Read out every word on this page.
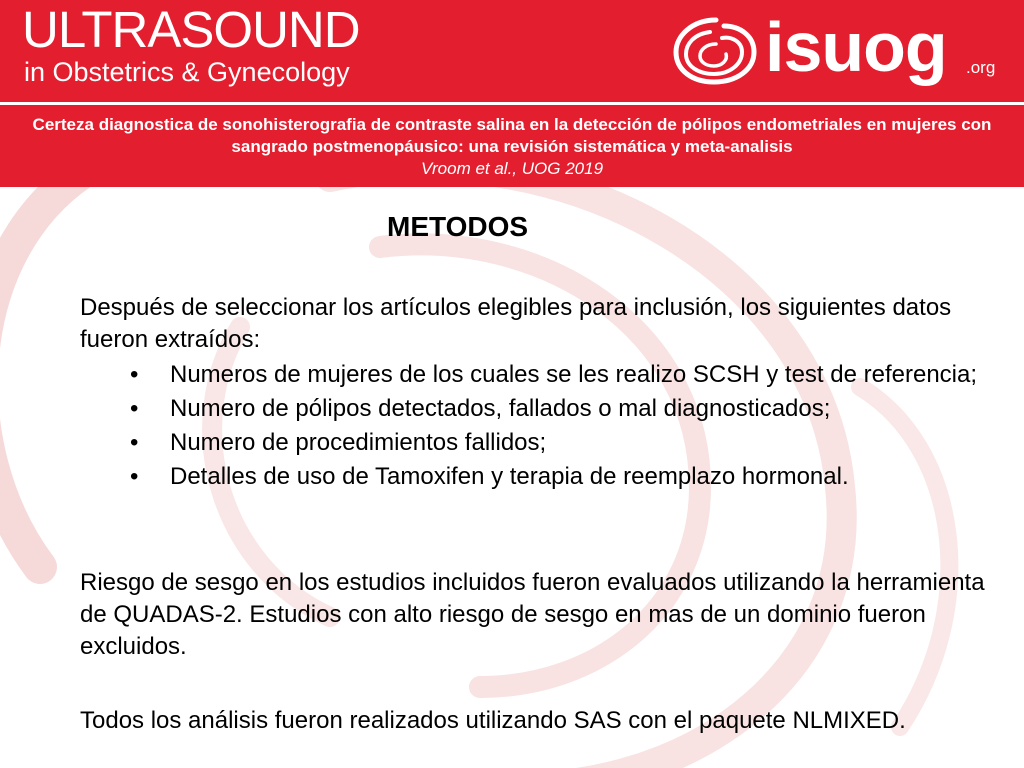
ULTRASOUND
in Obstetrics & Gynecology	isuog .org
Certeza diagnostica de sonohisterografia de contraste salina en la detección de pólipos endometriales en mujeres con sangrado postmenopáusico: una revisión sistemática y meta-analisis
Vroom et al., UOG 2019
METODOS

Después de seleccionar los artículos elegibles para inclusión, los siguientes datos fueron extraídos:

• Numeros de mujeres de los cuales se les realizo SCSH y test de referencia;
• Numero de pólipos detectados, fallados o mal diagnosticados;
• Numero de procedimientos fallidos;
• Detalles de uso de Tamoxifen y terapia de reemplazo hormonal.

Riesgo de sesgo en los estudios incluidos fueron evaluados utilizando la herramienta de QUADAS-2. Estudios con alto riesgo de sesgo en mas de un dominio fueron excluidos.

Todos los análisis fueron realizados utilizando SAS con el paquete NLMIXED.
